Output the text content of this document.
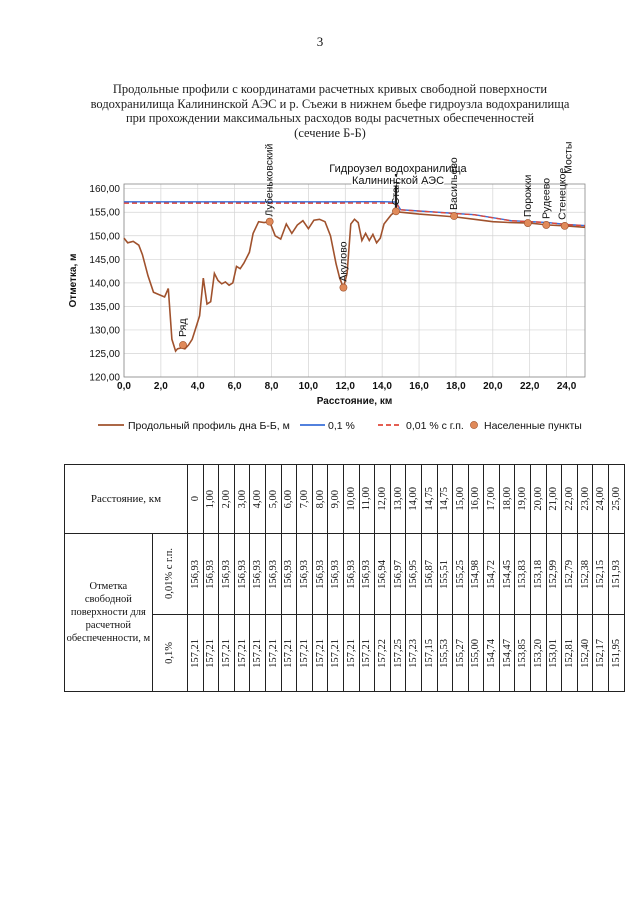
3
Продольные профили с координатами расчетных кривых свободной поверхности
водохранилища Калининской АЭС и р. Съежи в нижнем бьефе гидроузла водохранилища
при прохождении максимальных расходов воды расчетных обеспеченностей
(сечение Б-Б)
120,00
125,00
130,00
135,00
140,00
145,00
150,00
155,00
160,00
0,0 2,0 4,0 6,0 8,0 10,0 12,0 14,0 16,0 18,0 20,0 22,0 24,0
Расстояние, км
Отметка, м
Гидроузел водохранилища
Калининской АЭС
Ряд
Лубеньковский
Акулово
Стан	Васильево	Порожки Рудеево Стенецкое
Мосты
Продольный профиль дна Б-Б, м	0,1 %	0,01 % с г.п. Населенные пункты
Расстояние, км		0	1,00	2,00	3,00	4,00	5,00	6,00	7,00	8,00	9,00	10,00	11,00	12,00	13,00	14,00	14,75	14,75	15,00	16,00	17,00	18,00	19,00	20,00	21,00	22,00	23,00	24,00	25,00

Отметка свободной поверхности для расчетной обеспеченности, м	0,01% с г.п.	156,93	156,93	156,93	156,93	156,93	156,93	156,93	156,93	156,93	156,93	156,93	156,93	156,94	156,97	156,95	156,87	155,51	155,25	154,98	154,72	154,45	153,83	153,18	152,99	152,79	152,38	152,15	151,93

	0,1%	157,21	157,21	157,21	157,21	157,21	157,21	157,21	157,21	157,21	157,21	157,21	157,21	157,22	157,25	157,23	157,15	155,53	155,27	155,00	154,74	154,47	153,85	153,20	153,01	152,81	152,40	152,17	151,95
